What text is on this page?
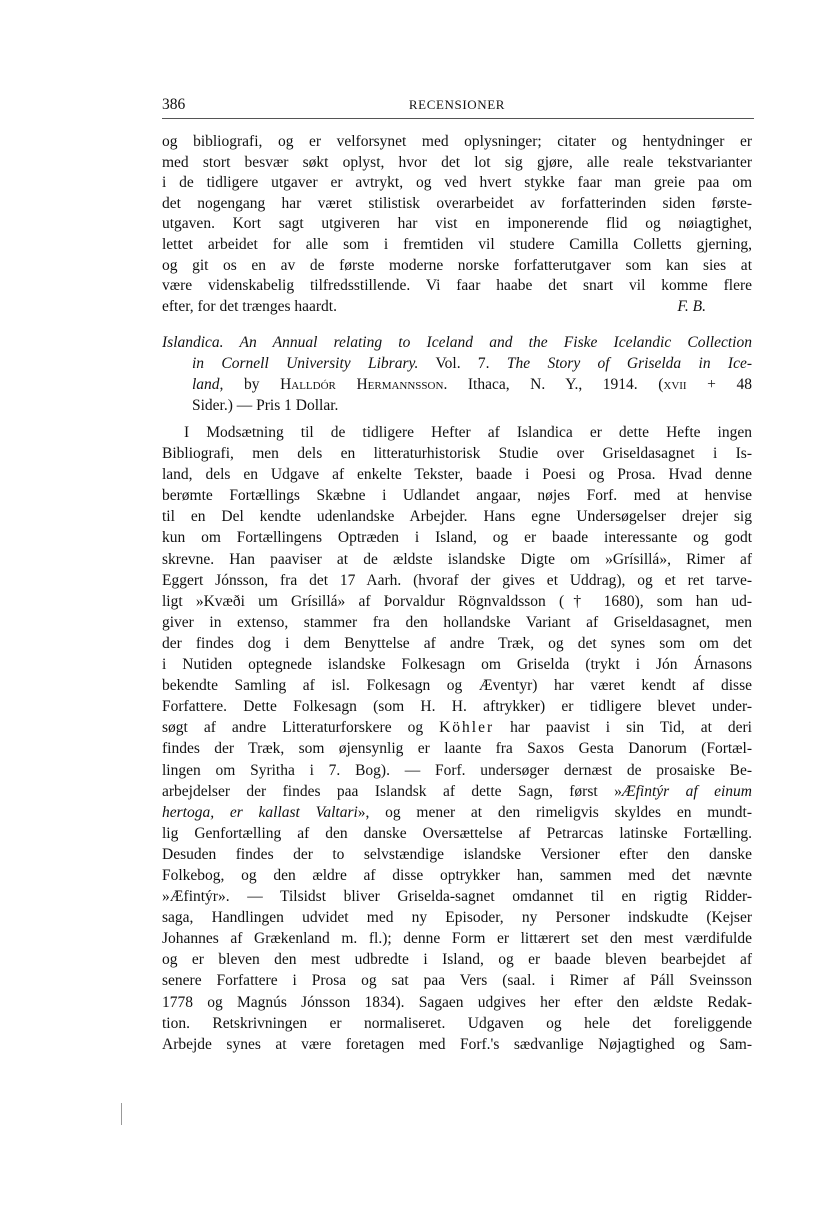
386	RECENSIONER
og bibliografi, og er velforsynet med oplysninger; citater og hentydninger er
med stort besvær søkt oplyst, hvor det lot sig gjøre, alle reale tekstvarianter
i de tidligere utgaver er avtrykt, og ved hvert stykke faar man greie paa om
det nogengang har været stilistisk overarbeidet av forfatterinden siden første-
utgaven. Kort sagt utgiveren har vist en imponerende flid og nøiagtighet,
lettet arbeidet for alle som i fremtiden vil studere Camilla Colletts gjerning,
og git os en av de første moderne norske forfatterutgaver som kan sies at
være videnskabelig tilfredsstillende. Vi faar haabe det snart vil komme flere
efter, for det trænges haardt.	F. B.
Islandica. An Annual relating to Iceland and the Fiske Icelandic Collection
in Cornell University Library. Vol. 7. The Story of Griselda in Ice-
land, by Halldór Hermannsson. Ithaca, N. Y., 1914. (xvii + 48
Sider.) — Pris 1 Dollar.
I Modsætning til de tidligere Hefter af Islandica er dette Hefte ingen
Bibliografi, men dels en litteraturhistorisk Studie over Griseldasagnet i Is-
land, dels en Udgave af enkelte Tekster, baade i Poesi og Prosa. Hvad denne
berømte Fortællings Skæbne i Udlandet angaar, nøjes Forf. med at henvise
til en Del kendte udenlandske Arbejder. Hans egne Undersøgelser drejer sig
kun om Fortællingens Optræden i Island, og er baade interessante og godt
skrevne. Han paaviser at de ældste islandske Digte om »Grísillá», Rimer af
Eggert Jónsson, fra det 17 Aarh. (hvoraf der gives et Uddrag), og et ret tarve-
ligt »Kvæði um Grísillá» af Þorvaldur Rögnvaldsson († 1680), som han ud-
giver in extenso, stammer fra den hollandske Variant af Griseldasagnet, men
der findes dog i dem Benyttelse af andre Træk, og det synes som om det
i Nutiden optegnede islandske Folkesagn om Griselda (trykt i Jón Árnasons
bekendte Samling af isl. Folkesagn og Æventyr) har været kendt af disse
Forfattere. Dette Folkesagn (som H. H. aftrykker) er tidligere blevet under-
søgt af andre Litteraturforskere og Köhler har paavist i sin Tid, at deri
findes der Træk, som øjensynlig er laante fra Saxos Gesta Danorum (Fortæl-
lingen om Syritha i 7. Bog). — Forf. undersøger dernæst de prosaiske Be-
arbejdelser der findes paa Islandsk af dette Sagn, først »Æfintýr af einum
hertoga, er kallast Valtari», og mener at den rimeligvis skyldes en mundt-
lig Genfortælling af den danske Oversættelse af Petrarcas latinske Fortælling.
Desuden findes der to selvstændige islandske Versioner efter den danske
Folkebog, og den ældre af disse optrykker han, sammen med det nævnte
»Æfintýr». — Tilsidst bliver Griselda-sagnet omdannet til en rigtig Ridder-
saga, Handlingen udvidet med ny Episoder, ny Personer indskudte (Kejser
Johannes af Grækenland m. fl.); denne Form er littærert set den mest værdifulde
og er bleven den mest udbredte i Island, og er baade bleven bearbejdet af
senere Forfattere i Prosa og sat paa Vers (saal. i Rimer af Páll Sveinsson
1778 og Magnús Jónsson 1834). Sagaen udgives her efter den ældste Redak-
tion. Retskrivningen er normaliseret. Udgaven og hele det foreliggende
Arbejde synes at være foretagen med Forf.'s sædvanlige Nøjagtighed og Sam-
